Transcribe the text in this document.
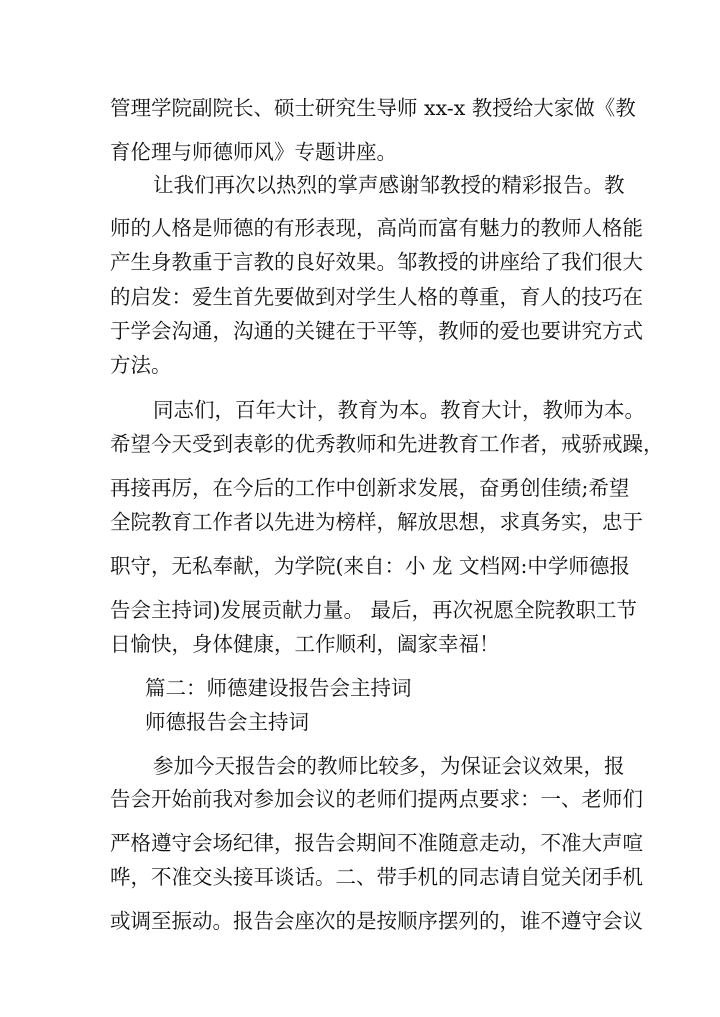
管理学院副院长、硕士研究生导师 xx-x 教授给大家做《教
育伦理与师德师风》专题讲座。
让我们再次以热烈的掌声感谢邹教授的精彩报告。教
师的人格是师德的有形表现，高尚而富有魅力的教师人格能
产生身教重于言教的良好效果。邹教授的讲座给了我们很大
的启发：爱生首先要做到对学生人格的尊重，育人的技巧在
于学会沟通，沟通的关键在于平等，教师的爱也要讲究方式
方法。
同志们，百年大计，教育为本。教育大计，教师为本。
希望今天受到表彰的优秀教师和先进教育工作者，戒骄戒躁，
再接再厉，在今后的工作中创新求发展，奋勇创佳绩;希望
全院教育工作者以先进为榜样，解放思想，求真务实，忠于
职守，无私奉献，为学院(来自：小 龙 文档网:中学师德报
告会主持词)发展贡献力量。 最后，再次祝愿全院教职工节
日愉快，身体健康，工作顺利，阖家幸福！
篇二：师德建设报告会主持词
师德报告会主持词
参加今天报告会的教师比较多，为保证会议效果，报
告会开始前我对参加会议的老师们提两点要求：一、老师们
严格遵守会场纪律，报告会期间不准随意走动，不准大声喧
哗，不准交头接耳谈话。二、带手机的同志请自觉关闭手机
或调至振动。报告会座次的是按顺序摆列的，谁不遵守会议
